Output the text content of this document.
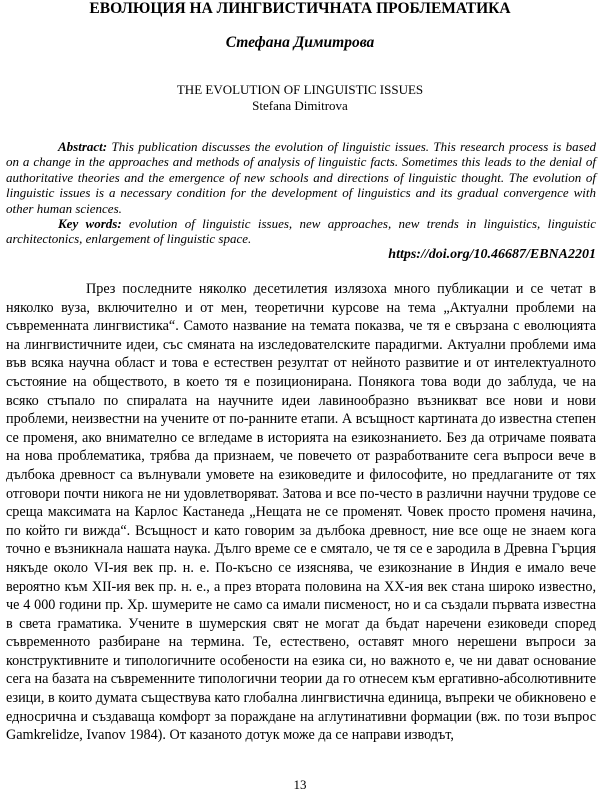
ЕВОЛЮЦИЯ НА ЛИНГВИСТИЧНАТА ПРОБЛЕМАТИКА
Стефана Димитрова
THE EVOLUTION OF LINGUISTIC ISSUES
Stefana Dimitrova

Abstract: This publication discusses the evolution of linguistic issues. This research process is based on a change in the approaches and methods of analysis of linguistic facts. Sometimes this leads to the denial of authoritative theories and the emergence of new schools and directions of linguistic thought. The evolution of linguistic issues is a necessary condition for the development of linguistics and its gradual convergence with other human sciences.

Key words: evolution of linguistic issues, new approaches, new trends in linguistics, linguistic architectonics, enlargement of linguistic space.

https://doi.org/10.46687/EBNA2201

През последните няколко десетилетия излязоха много публикации и се четат в няколко вуза, включително и от мен, теоретични курсове на тема „Актуални проблеми на съвременната лингвистика“. Самото название на темата показва, че тя е свързана с еволюцията на лингвистичните идеи, със смяната на изследователските парадигми. Актуални проблеми има във всяка научна област и това е естествен резултат от нейното развитие и от интелектуалното състояние на обществото, в което тя е позиционирана. Понякога това води до заблуда, че на всяко стъпало по спиралата на научните идеи лавинообразно възникват все нови и нови проблеми, неизвестни на учените от по-ранните етапи. А всъщност картината до известна степен се променя, ако внимателно се вгледаме в историята на езикознанието. Без да отричаме появата на нова проблематика, трябва да признаем, че повечето от разработваните сега въпроси вече в дълбока древност са вълнували умовете на езиковедите и философите, но предлаганите от тях отговори почти никога не ни удовлетворяват. Затова и все по-често в различни научни трудове се среща максимата на Карлос Кастанеда „Нещата не се променят. Човек просто променя начина, по който ги вижда“. Всъщност и като говорим за дълбока древност, ние все още не знаем кога точно е възникнала нашата наука. Дълго време се е смятало, че тя се е зародила в Древна Гърция някъде около VI-ия век пр. н. е. По-късно се изяснява, че езикознание в Индия е имало вече вероятно към XII-ия век пр. н. е., а през втората половина на XX-ия век стана широко известно, че 4 000 години пр. Хр. шумерите не само са имали писменост, но и са създали първата известна в света граматика. Учените в шумерския свят не могат да бъдат наречени езиковеди според съвременното разбиране на термина. Те, естествено, оставят много нерешени въпроси за конструктивните и типологичните особености на езика си, но важното е, че ни дават основание сега на базата на съвременните типологични теории да го отнесем към ергативно-абсолютивните езици, в които думата съществува като глобална лингвистична единица, въпреки че обикновено е едносрична и създаваща комфорт за пораждане на аглутинативни формации (вж. по този въпрос Gamkrelidze, Ivanov 1984). От казаното дотук може да се направи изводът,

13
